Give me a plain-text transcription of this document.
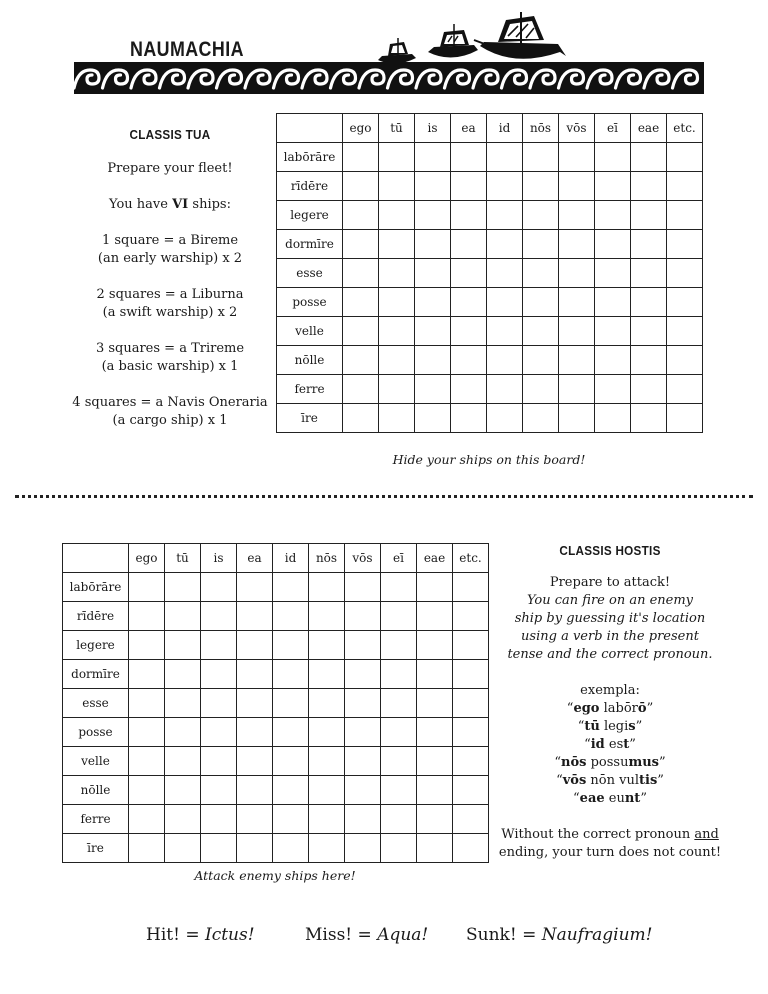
NAUMACHIA
CLASSIS TUA

Prepare your fleet!

You have VI ships:

1 square = a Bireme
(an early warship) x 2

2 squares = a Liburna
(a swift warship) x 2

3 squares = a Trireme
(a basic warship) x 1

4 squares = a Navis Oneraria
(a cargo ship) x 1

	ego	tū	is	ea	id	nōs	vōs	eī	eae	etc.
labōrāre										
rīdēre										
legere										
dormīre										
esse										
posse										
velle										
nōlle										
ferre										
īre										
Hide your ships on this board!
	ego	tū	is	ea	id	nōs	vōs	eī	eae	etc.
labōrāre										
rīdēre										
legere										
dormīre										
esse										
posse										
velle										
nōlle										
ferre										
īre										
Attack enemy ships here!
CLASSIS HOSTIS

Prepare to attack!

You can fire on an enemy
ship by guessing it's location
using a verb in the present
tense and the correct pronoun.

exempla:

“ego labōrō”
“tū legis”
“id est”
“nōs possumus”
“vōs nōn vultis”
“eae eunt”

Without the correct pronoun and
ending, your turn does not count!

Hit! = Ictus!	Miss! = Aqua! Sunk! = Naufragium!
